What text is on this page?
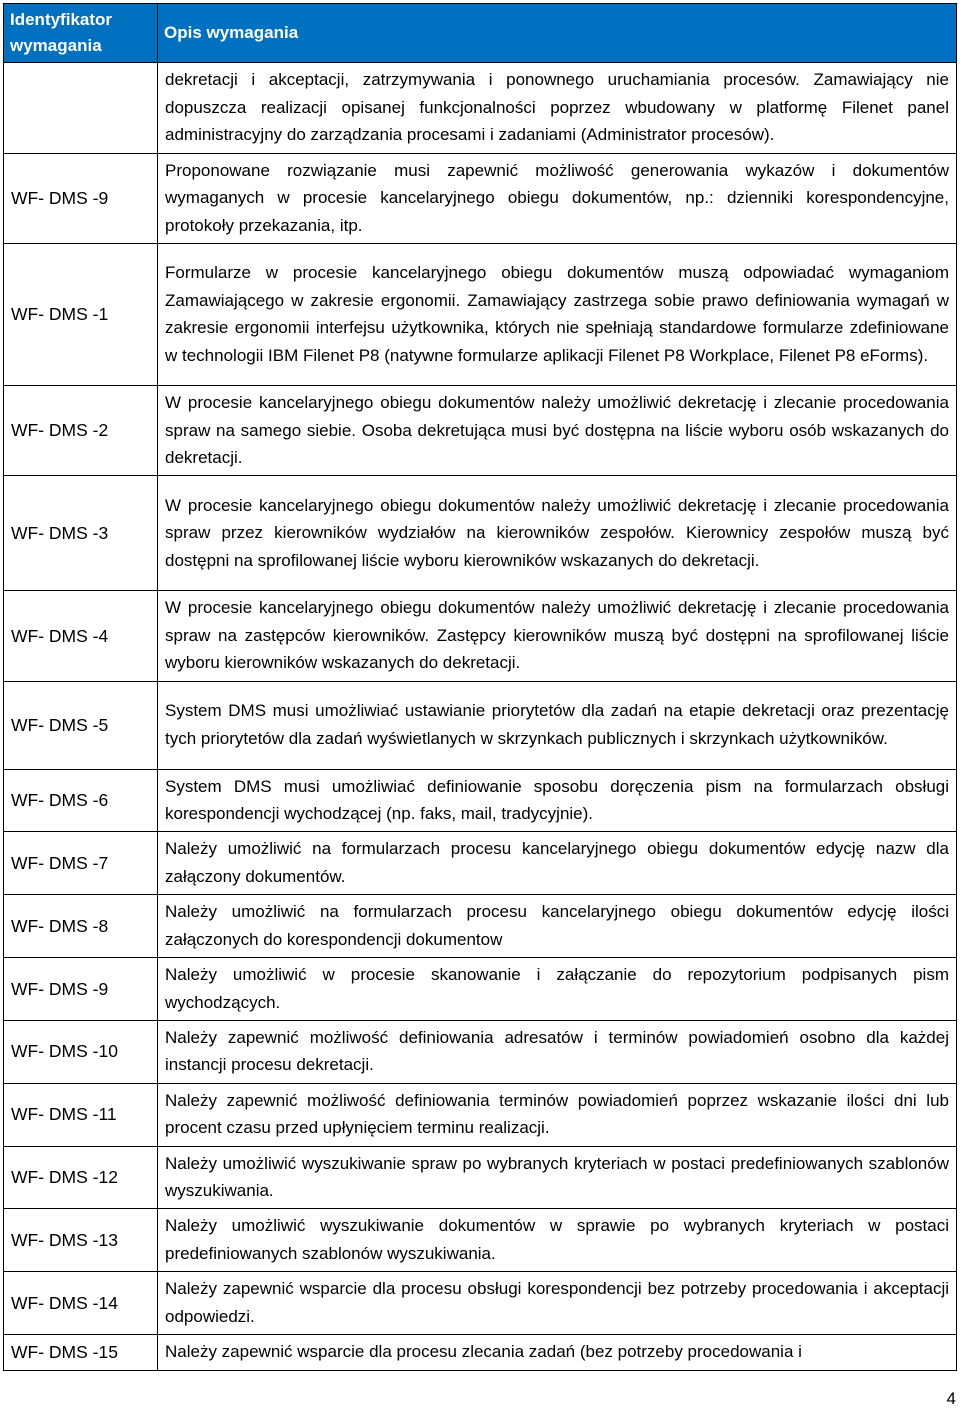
Identyfikator wymagania	Opis wymagania
	dekretacji i akceptacji, zatrzymywania i ponownego uruchamiania procesów. Zamawiający nie dopuszcza realizacji opisanej funkcjonalności poprzez wbudowany w platformę Filenet panel administracyjny do zarządzania procesami i zadaniami (Administrator procesów).
WF- DMS -9	Proponowane rozwiązanie musi zapewnić możliwość generowania wykazów i dokumentów wymaganych w procesie kancelaryjnego obiegu dokumentów, np.: dzienniki korespondencyjne, protokoły przekazania, itp.
WF- DMS -1	Formularze w procesie kancelaryjnego obiegu dokumentów muszą odpowiadać wymaganiom Zamawiającego w zakresie ergonomii. Zamawiający zastrzega sobie prawo definiowania wymagań w zakresie ergonomii interfejsu użytkownika, których nie spełniają standardowe formularze zdefiniowane w technologii IBM Filenet P8 (natywne formularze aplikacji Filenet P8 Workplace, Filenet P8 eForms).
WF- DMS -2	W procesie kancelaryjnego obiegu dokumentów należy umożliwić dekretację i zlecanie procedowania spraw na samego siebie. Osoba dekretująca musi być dostępna na liście wyboru osób wskazanych do dekretacji.
WF- DMS -3	W procesie kancelaryjnego obiegu dokumentów należy umożliwić dekretację i zlecanie procedowania spraw przez kierowników wydziałów na kierowników zespołów. Kierownicy zespołów muszą być dostępni na sprofilowanej liście wyboru kierowników wskazanych do dekretacji.
WF- DMS -4	W procesie kancelaryjnego obiegu dokumentów należy umożliwić dekretację i zlecanie procedowania spraw na zastępców kierowników. Zastępcy kierowników muszą być dostępni na sprofilowanej liście wyboru kierowników wskazanych do dekretacji.
WF- DMS -5	System DMS musi umożliwiać ustawianie priorytetów dla zadań na etapie dekretacji oraz prezentację tych priorytetów dla zadań wyświetlanych w skrzynkach publicznych i skrzynkach użytkowników.
WF- DMS -6	System DMS musi umożliwiać definiowanie sposobu doręczenia pism na formularzach obsługi korespondencji wychodzącej (np. faks, mail, tradycyjnie).
WF- DMS -7	Należy umożliwić na formularzach procesu kancelaryjnego obiegu dokumentów edycję nazw dla załączony dokumentów.
WF- DMS -8	Należy umożliwić na formularzach procesu kancelaryjnego obiegu dokumentów edycję ilości załączonych do korespondencji dokumentow
WF- DMS -9	Należy umożliwić w procesie skanowanie i załączanie do repozytorium podpisanych pism wychodzących.
WF- DMS -10	Należy zapewnić możliwość definiowania adresatów i terminów powiadomień osobno dla każdej instancji procesu dekretacji.
WF- DMS -11	Należy zapewnić możliwość definiowania terminów powiadomień poprzez wskazanie ilości dni lub procent czasu przed upłynięciem terminu realizacji.
WF- DMS -12	Należy umożliwić wyszukiwanie spraw po wybranych kryteriach w postaci predefiniowanych szablonów wyszukiwania.
WF- DMS -13	Należy umożliwić wyszukiwanie dokumentów w sprawie po wybranych kryteriach w postaci predefiniowanych szablonów wyszukiwania.
WF- DMS -14	Należy zapewnić wsparcie dla procesu obsługi korespondencji bez potrzeby procedowania i akceptacji odpowiedzi.
WF- DMS -15	Należy zapewnić wsparcie dla procesu zlecania zadań (bez potrzeby procedowania i
4
